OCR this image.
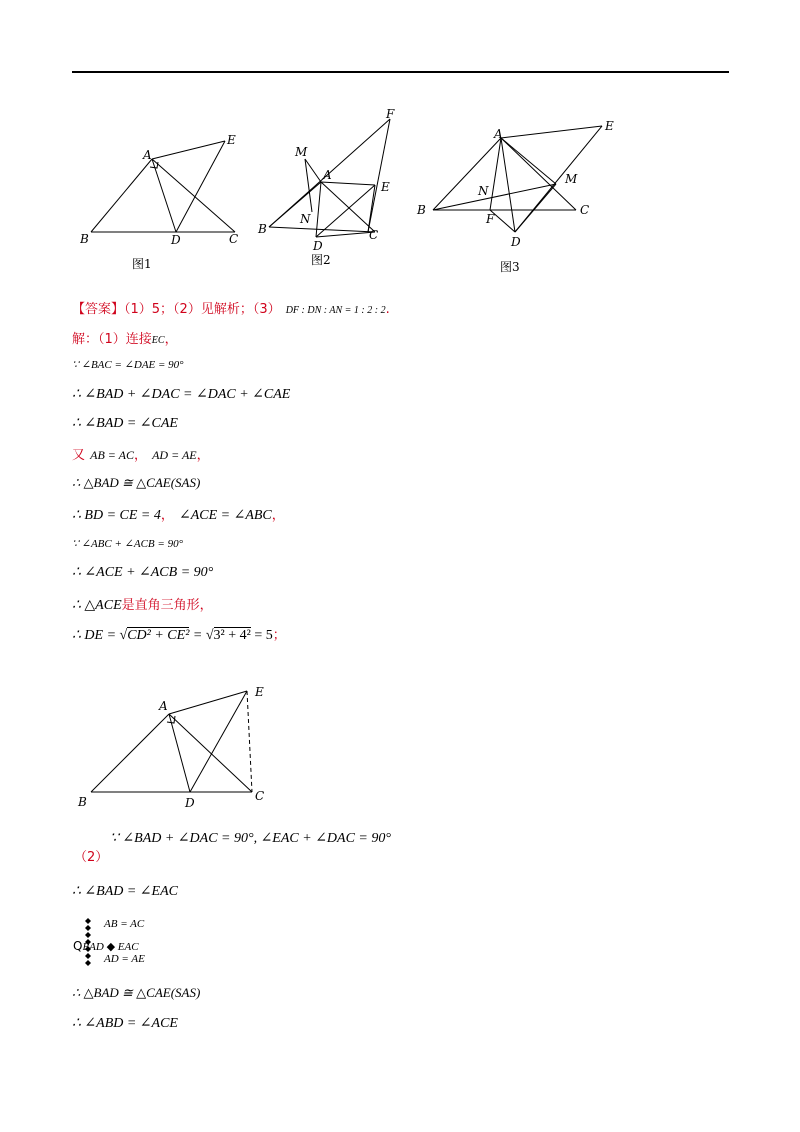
A
B	C
D
E
图1
A
B	C
D
E
F
M
N
图2
A
B	C
D
E
F
M
N
图3
【答案】（1）5；（2）见解析；（3） DF : DN : AN = 1 : 2 : 2.
解：（1）连接EC，
∵ ∠BAC = ∠DAE = 90°
∴ ∠BAD + ∠DAC = ∠DAC + ∠CAE
∴ ∠BAD = ∠CAE
又 AB = AC， AD = AE，
∴ △BAD ≅ △CAE(SAS)
∴ BD = CE = 4， ∠ACE = ∠ABC，
∵ ∠ABC + ∠ACB = 90°
∴ ∠ACE + ∠ACB = 90°
∴ △ACE是直角三角形，
∴ DE = √CD² + CE² = √3² + 4² = 5；
A
B	C
D
E
∵ ∠BAD + ∠DAC = 90°, ∠EAC + ∠DAC = 90°
（2）
∴ ∠BAD = ∠EAC
AB = AC
QBAD ◆ EAC
AD = AE
∴ △BAD ≅ △CAE(SAS)
∴ ∠ABD = ∠ACE
